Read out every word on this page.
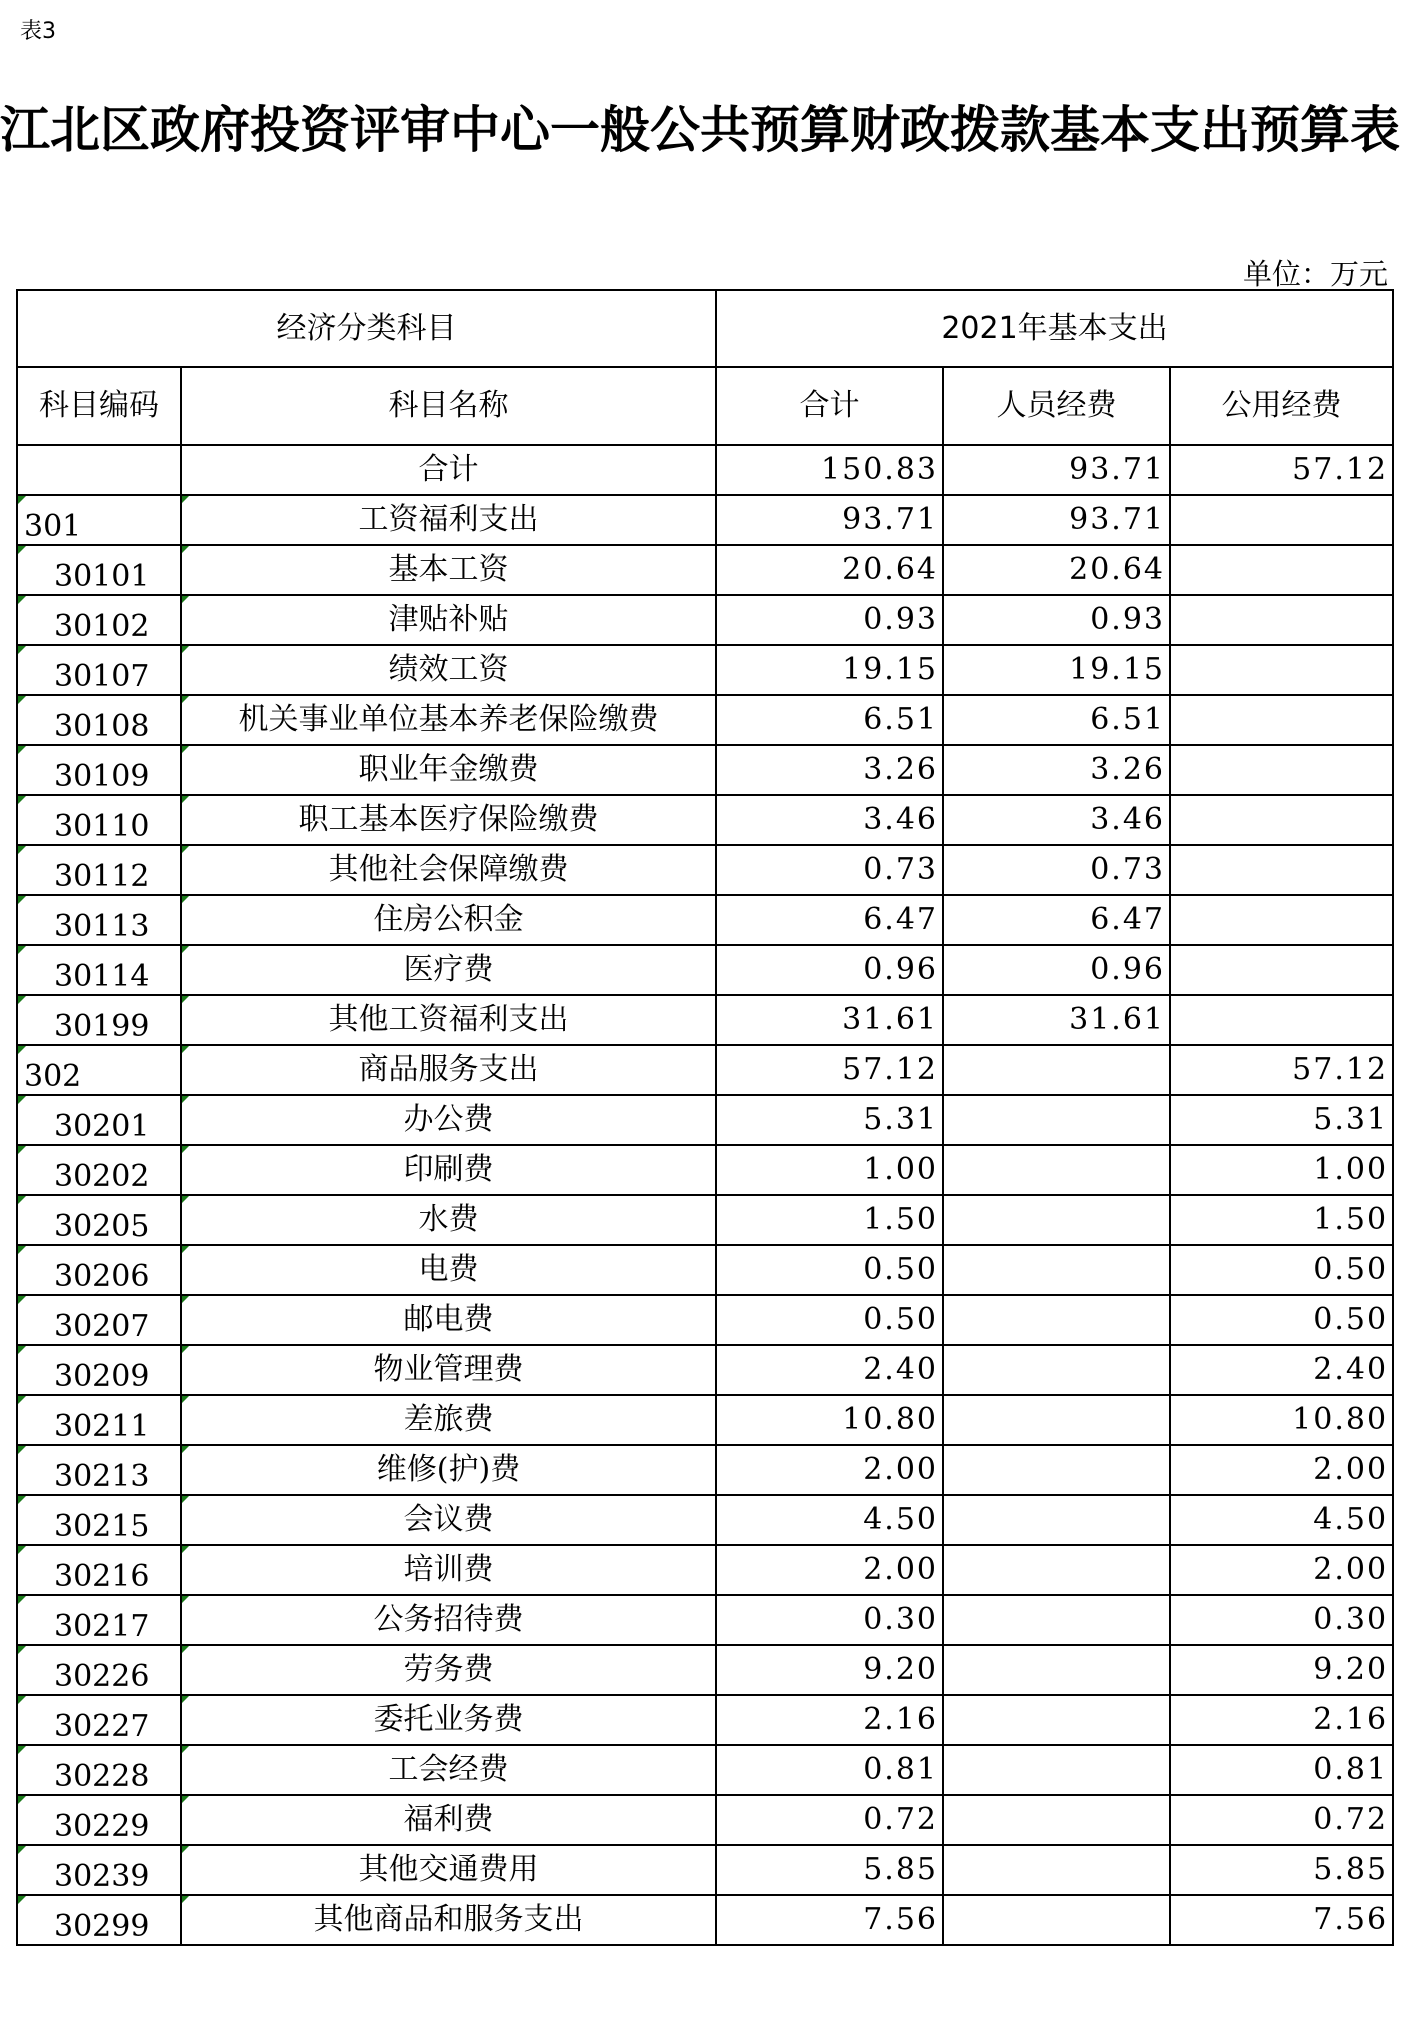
表3
江北区政府投资评审中心一般公共预算财政拨款基本支出预算表
单位：万元
经济分类科目		2021年基本支出		
科目编码	科目名称	合计	人员经费	公用经费
	合计	150.83	93.71	57.12
301	工资福利支出	93.71	93.71	
30101	基本工资	20.64	20.64	
30102	津贴补贴	0.93	0.93	
30107	绩效工资	19.15	19.15	
30108	机关事业单位基本养老保险缴费	6.51	6.51	
30109	职业年金缴费	3.26	3.26	
30110	职工基本医疗保险缴费	3.46	3.46	
30112	其他社会保障缴费	0.73	0.73	
30113	住房公积金	6.47	6.47	
30114	医疗费	0.96	0.96	
30199	其他工资福利支出	31.61	31.61	
302	商品服务支出	57.12		57.12
30201	办公费	5.31		5.31
30202	印刷费	1.00		1.00
30205	水费	1.50		1.50
30206	电费	0.50		0.50
30207	邮电费	0.50		0.50
30209	物业管理费	2.40		2.40
30211	差旅费	10.80		10.80
30213	维修(护)费	2.00		2.00
30215	会议费	4.50		4.50
30216	培训费	2.00		2.00
30217	公务招待费	0.30		0.30
30226	劳务费	9.20		9.20
30227	委托业务费	2.16		2.16
30228	工会经费	0.81		0.81
30229	福利费	0.72		0.72
30239	其他交通费用	5.85		5.85
30299	其他商品和服务支出	7.56		7.56
